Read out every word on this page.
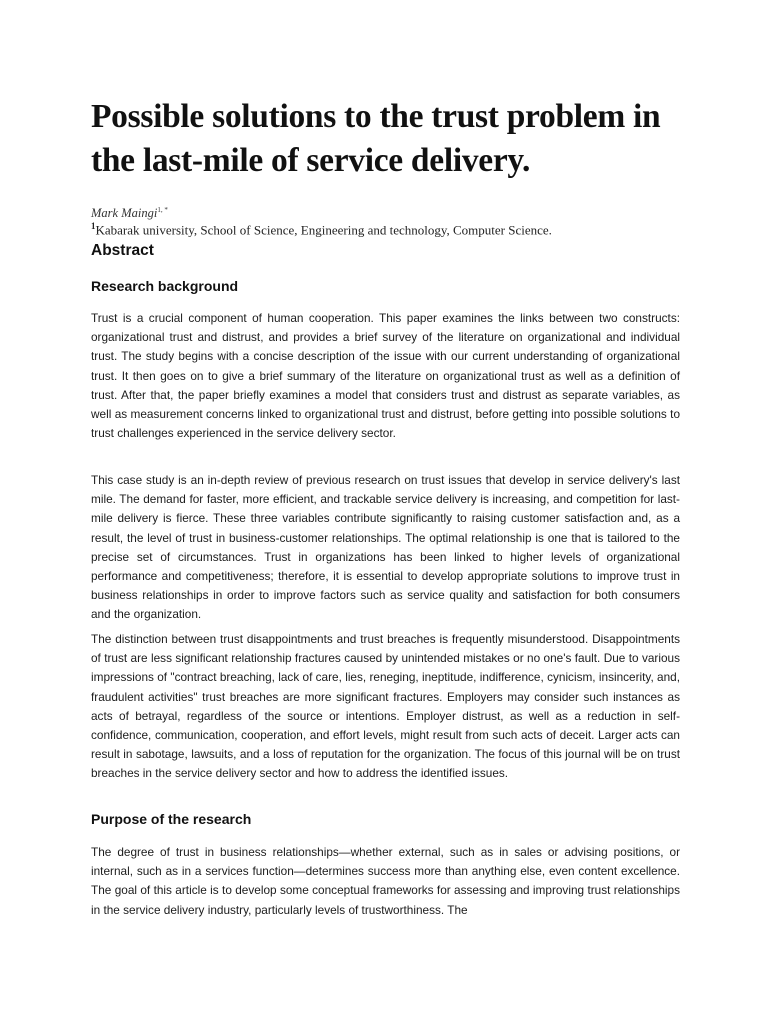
Possible solutions to the trust problem in the last-mile of service delivery.
Mark Maingi$^{1, *}$
$^1$Kabarak university, School of Science, Engineering and technology, Computer Science.
Abstract
Research background

Trust is a crucial component of human cooperation. This paper examines the links between two constructs: organizational trust and distrust, and provides a brief survey of the literature on organizational and individual trust. The study begins with a concise description of the issue with our current understanding of organizational trust. It then goes on to give a brief summary of the literature on organizational trust as well as a definition of trust. After that, the paper briefly examines a model that considers trust and distrust as separate variables, as well as measurement concerns linked to organizational trust and distrust, before getting into possible solutions to trust challenges experienced in the service delivery sector.

This case study is an in-depth review of previous research on trust issues that develop in service delivery's last mile. The demand for faster, more efficient, and trackable service delivery is increasing, and competition for last-mile delivery is fierce. These three variables contribute significantly to raising customer satisfaction and, as a result, the level of trust in business-customer relationships. The optimal relationship is one that is tailored to the precise set of circumstances. Trust in organizations has been linked to higher levels of organizational performance and competitiveness; therefore, it is essential to develop appropriate solutions to improve trust in business relationships in order to improve factors such as service quality and satisfaction for both consumers and the organization.

The distinction between trust disappointments and trust breaches is frequently misunderstood. Disappointments of trust are less significant relationship fractures caused by unintended mistakes or no one's fault. Due to various impressions of "contract breaching, lack of care, lies, reneging, ineptitude, indifference, cynicism, insincerity, and, fraudulent activities" trust breaches are more significant fractures. Employers may consider such instances as acts of betrayal, regardless of the source or intentions. Employer distrust, as well as a reduction in self-confidence, communication, cooperation, and effort levels, might result from such acts of deceit. Larger acts can result in sabotage, lawsuits, and a loss of reputation for the organization. The focus of this journal will be on trust breaches in the service delivery sector and how to address the identified issues.

Purpose of the research

The degree of trust in business relationships—whether external, such as in sales or advising positions, or internal, such as in a services function—determines success more than anything else, even content excellence. The goal of this article is to develop some conceptual frameworks for assessing and improving trust relationships in the service delivery industry, particularly levels of trustworthiness. The
